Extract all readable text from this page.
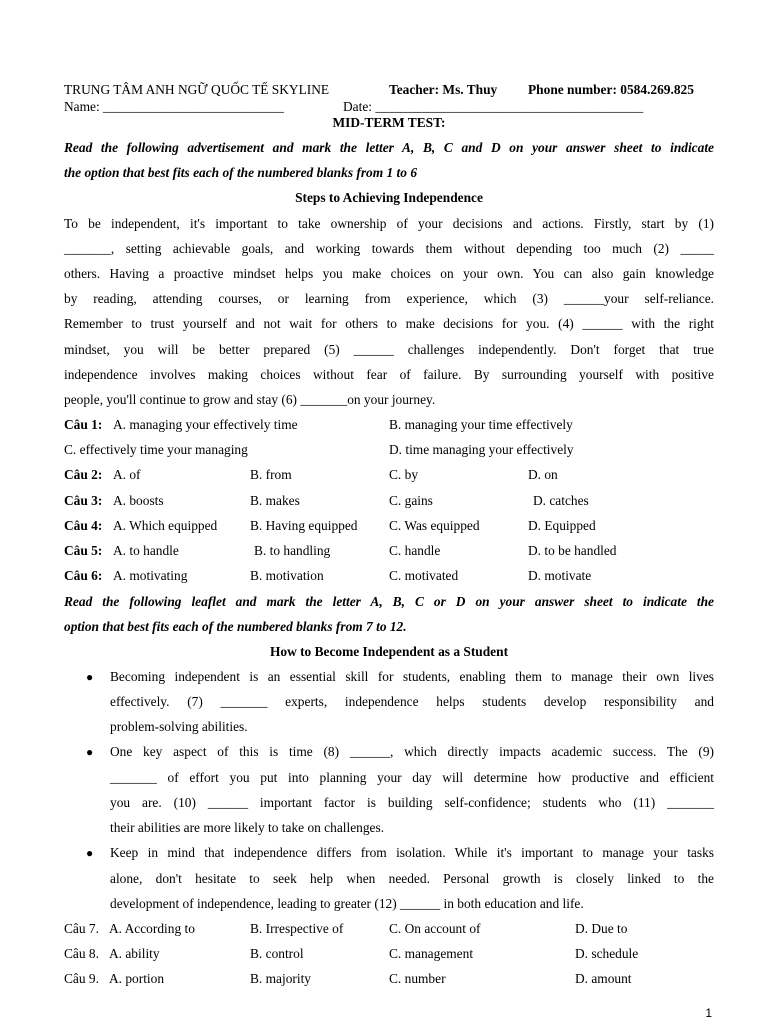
TRUNG TÂM ANH NGỮ QUỐC TẾ SKYLINE	Teacher: Ms. Thuy Phone number: 0584.269.825
Name: ___________________________	Date: ________________________________________
MID-TERM TEST:
Read the following advertisement and mark the letter A, B, C and D on your answer sheet to indicate
the option that best fits each of the numbered blanks from 1 to 6
Steps to Achieving Independence
To be independent, it's important to take ownership of your decisions and actions. Firstly, start by (1)
_______, setting achievable goals, and working towards them without depending too much (2) _____
others. Having a proactive mindset helps you make choices on your own. You can also gain knowledge
by reading, attending courses, or learning from experience, which (3) ______your self-reliance.
Remember to trust yourself and not wait for others to make decisions for you. (4) ______ with the right
mindset, you will be better prepared (5) ______ challenges independently. Don't forget that true
independence involves making choices without fear of failure. By surrounding yourself with positive
people, you'll continue to grow and stay (6) _______on your journey.
Câu 1: A. managing your effectively time	B. managing your time effectively
C. effectively time your managing	D. time managing your effectively
Câu 2: A. of	B. from	C. by	D. on
Câu 3: A. boosts	B. makes	C. gains	D. catches
Câu 4: A. Which equipped B. Having equipped C. Was equipped	D. Equipped
Câu 5: A. to handle	B. to handling	C. handle	D. to be handled
Câu 6: A. motivating	B. motivation	C. motivated	D. motivate
Read the following leaflet and mark the letter A, B, C or D on your answer sheet to indicate the
option that best fits each of the numbered blanks from 7 to 12.
How to Become Independent as a Student
● Becoming independent is an essential skill for students, enabling them to manage their own lives
effectively. (7) _______ experts, independence helps students develop responsibility and
problem-solving abilities.
● One key aspect of this is time (8) ______, which directly impacts academic success. The (9)
_______ of effort you put into planning your day will determine how productive and efficient
you are. (10) ______ important factor is building self-confidence; students who (11) _______
their abilities are more likely to take on challenges.
● Keep in mind that independence differs from isolation. While it's important to manage your tasks
alone, don't hesitate to seek help when needed. Personal growth is closely linked to the
development of independence, leading to greater (12) ______ in both education and life.
Câu 7. A. According to	B. Irrespective of	C. On account of	D. Due to
Câu 8. A. ability	B. control	C. management	D. schedule
Câu 9. A. portion	B. majority	C. number	D. amount
1
